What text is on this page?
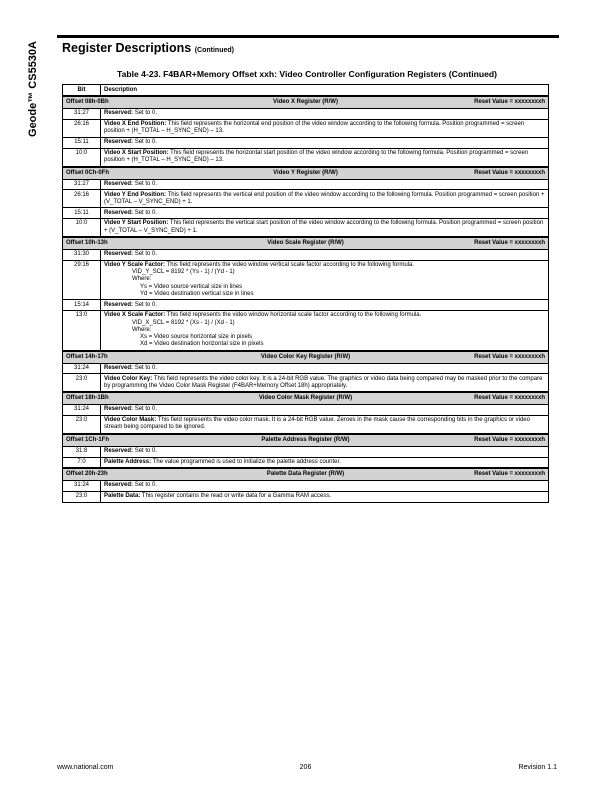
Geode™ CS5530A Register Descriptions (Continued)
Table 4-23. F4BAR+Memory Offset xxh: Video Controller Configuration Registers (Continued)
Bit	Description

Offset 08h-0Bh Video X Register (R/W) Reset Value = xxxxxxxxh	

31:27	Reserved: Set to 0.
26:16	Video X End Position: This field represents the horizontal end position of the video window according to the following formula. Position programmed = screen position + (H_TOTAL – H_SYNC_END) – 13.
15:11	Reserved: Set to 0.
10:0	Video X Start Position: This field represents the horizontal start position of the video window according to the following formula. Position programmed = screen position + (H_TOTAL – H_SYNC_END) – 13.

Offset 0Ch-0Fh Video Y Register (R/W) Reset Value = xxxxxxxxh	

31:27	Reserved: Set to 0.
26:16	Video Y End Position: This field represents the vertical end position of the video window according to the following formula. Position programmed = screen position + (V_TOTAL – V_SYNC_END) + 1.
15:11	Reserved: Set to 0.
10:0	Video Y Start Position: This field represents the vertical start position of the video window according to the following formula. Position programmed = screen position + (V_TOTAL – V_SYNC_END) + 1.

Offset 10h-13h Video Scale Register (R/W) Reset Value = xxxxxxxxh	

31:30	Reserved: Set to 0.
29:16	Video Y Scale Factor: This field represents the video window vertical scale factor according to the following formula.
VID_Y_SCL = 8192 * (Ys - 1) / (Yd - 1)
Where:
Ys = Video source vertical size in lines
Yd = Video destination vertical size in lines

15:14	Reserved: Set to 0.
13:0	Video X Scale Factor: This field represents the video window horizontal scale factor according to the following formula.
VID_X_SCL = 8192 * (Xs - 1) / (Xd - 1)
Where:
Xs = Video source horizontal size in pixels
Xd = Video destination horizontal size in pixels

Offset 14h-17h Video Color Key Register (R/W) Reset Value = xxxxxxxxh	

31:24	Reserved: Set to 0.
23:0	Video Color Key: This field represents the video color key. It is a 24-bit RGB value. The graphics or video data being compared may be masked prior to the compare by programming the Video Color Mask Register (F4BAR+Memory Offset 18h) appropriately.

Offset 18h-1Bh Video Color Mask Register (R/W) Reset Value = xxxxxxxxh	

31:24	Reserved: Set to 0.
23:0	Video Color Mask: This field represents the video color mask. It is a 24-bit RGB value. Zeroes in the mask cause the corresponding bits in the graphics or video stream being compared to be ignored.

Offset 1Ch-1Fh Palette Address Register (R/W) Reset Value = xxxxxxxxh	

31:8	Reserved: Set to 0.
7:0	Palette Address: The value programmed is used to initialize the palette address counter.

Offset 20h-23h Palette Data Register (R/W) Reset Value = xxxxxxxxh	

31:24	Reserved: Set to 0.
23:0	Palette Data: This register contains the read or write data for a Gamma RAM access.
www.national.com	206	Revision 1.1
